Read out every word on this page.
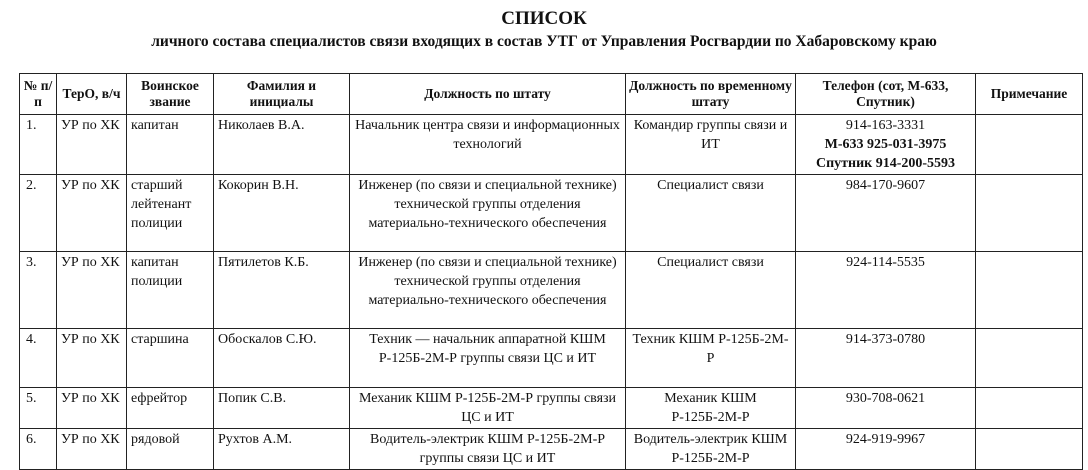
СПИСОК
личного состава специалистов связи входящих в состав УТГ от Управления Росгвардии по Хабаровскому краю
№ п/п	ТерО, в/ч	Воинское звание	Фамилия и инициалы	Должность по штату	Должность по временному штату	Телефон (сот, М-633, Спутник)	Примечание
1.	УР по ХК	капитан	Николаев В.А.	Начальник центра связи и информационных технологий	Командир группы связи и ИТ	914-163-3331
М-633 925-031-3975
Спутник 914-200-5593	

2.	УР по ХК	старший лейтенант полиции	Кокорин В.Н.	Инженер (по связи и специальной технике) технической группы отделения материально-технического обеспечения	Специалист связи	984-170-9607	
3.	УР по ХК	капитан полиции	Пятилетов К.Б.	Инженер (по связи и специальной технике) технической группы отделения материально-технического обеспечения	Специалист связи	924-114-5535	
4.	УР по ХК	старшина	Обоскалов С.Ю.	Техник — начальник аппаратной КШМ Р-125Б-2М-Р группы связи ЦС и ИТ	Техник КШМ Р-125Б-2М-Р	914-373-0780	
5.	УР по ХК	ефрейтор	Попик С.В.	Механик КШМ Р-125Б-2М-Р группы связи ЦС и ИТ	Механик КШМ Р-125Б-2М-Р	930-708-0621	
6.	УР по ХК	рядовой	Рухтов А.М.	Водитель-электрик КШМ Р-125Б-2М-Р группы связи ЦС и ИТ	Водитель-электрик КШМ Р-125Б-2М-Р	924-919-9967	
